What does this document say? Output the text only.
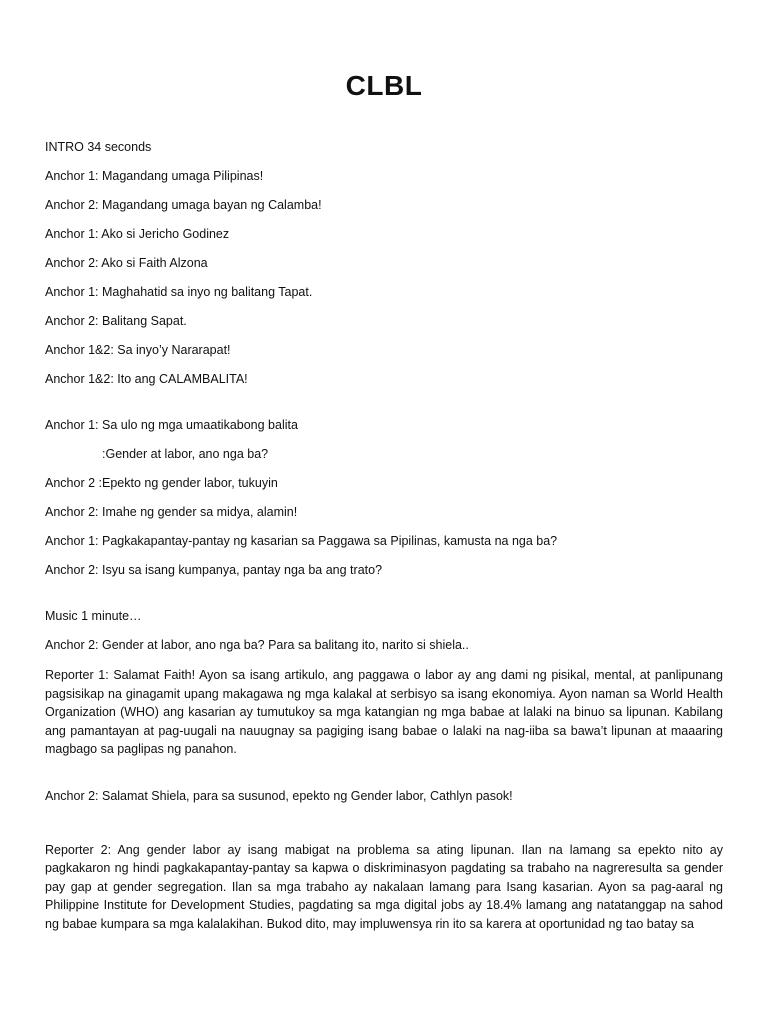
CLBL
INTRO 34 seconds
Anchor 1: Magandang umaga Pilipinas!
Anchor 2: Magandang umaga bayan ng Calamba!
Anchor 1: Ako si Jericho Godinez
Anchor 2: Ako si Faith Alzona
Anchor 1: Maghahatid sa inyo ng balitang Tapat.
Anchor 2: Balitang Sapat.
Anchor 1&2: Sa inyo’y Nararapat!
Anchor 1&2: Ito ang CALAMBALITA!
Anchor 1: Sa ulo ng mga umaatikabong balita
:Gender at labor, ano nga ba?
Anchor 2 :Epekto ng gender labor, tukuyin
Anchor 2: Imahe ng gender sa midya, alamin!
Anchor 1: Pagkakapantay-pantay ng kasarian sa Paggawa sa Pipilinas, kamusta na nga ba?
Anchor 2: Isyu sa isang kumpanya, pantay nga ba ang trato?
Music 1 minute…
Anchor 2: Gender at labor, ano nga ba? Para sa balitang ito, narito si shiela..
Reporter 1: Salamat Faith! Ayon sa isang artikulo, ang paggawa o labor ay ang dami ng pisikal, mental, at panlipunang pagsisikap na ginagamit upang makagawa ng mga kalakal at serbisyo sa isang ekonomiya. Ayon naman sa World Health Organization (WHO) ang kasarian ay tumutukoy sa mga katangian ng mga babae at lalaki na binuo sa lipunan. Kabilang ang pamantayan at pag-uugali na nauugnay sa pagiging isang babae o lalaki na nag-iiba sa bawa’t lipunan at maaaring magbago sa paglipas ng panahon.
Anchor 2: Salamat Shiela, para sa susunod, epekto ng Gender labor, Cathlyn pasok!
Reporter 2: Ang gender labor ay isang mabigat na problema sa ating lipunan. Ilan na lamang sa epekto nito ay pagkakaron ng hindi pagkakapantay-pantay sa kapwa o diskriminasyon pagdating sa trabaho na nagreresulta sa gender pay gap at gender segregation. Ilan sa mga trabaho ay nakalaan lamang para Isang kasarian. Ayon sa pag-aaral ng Philippine Institute for Development Studies, pagdating sa mga digital jobs ay 18.4% lamang ang natatanggap na sahod ng babae kumpara sa mga kalalakihan. Bukod dito, may impluwensya rin ito sa karera at oportunidad ng tao batay sa
